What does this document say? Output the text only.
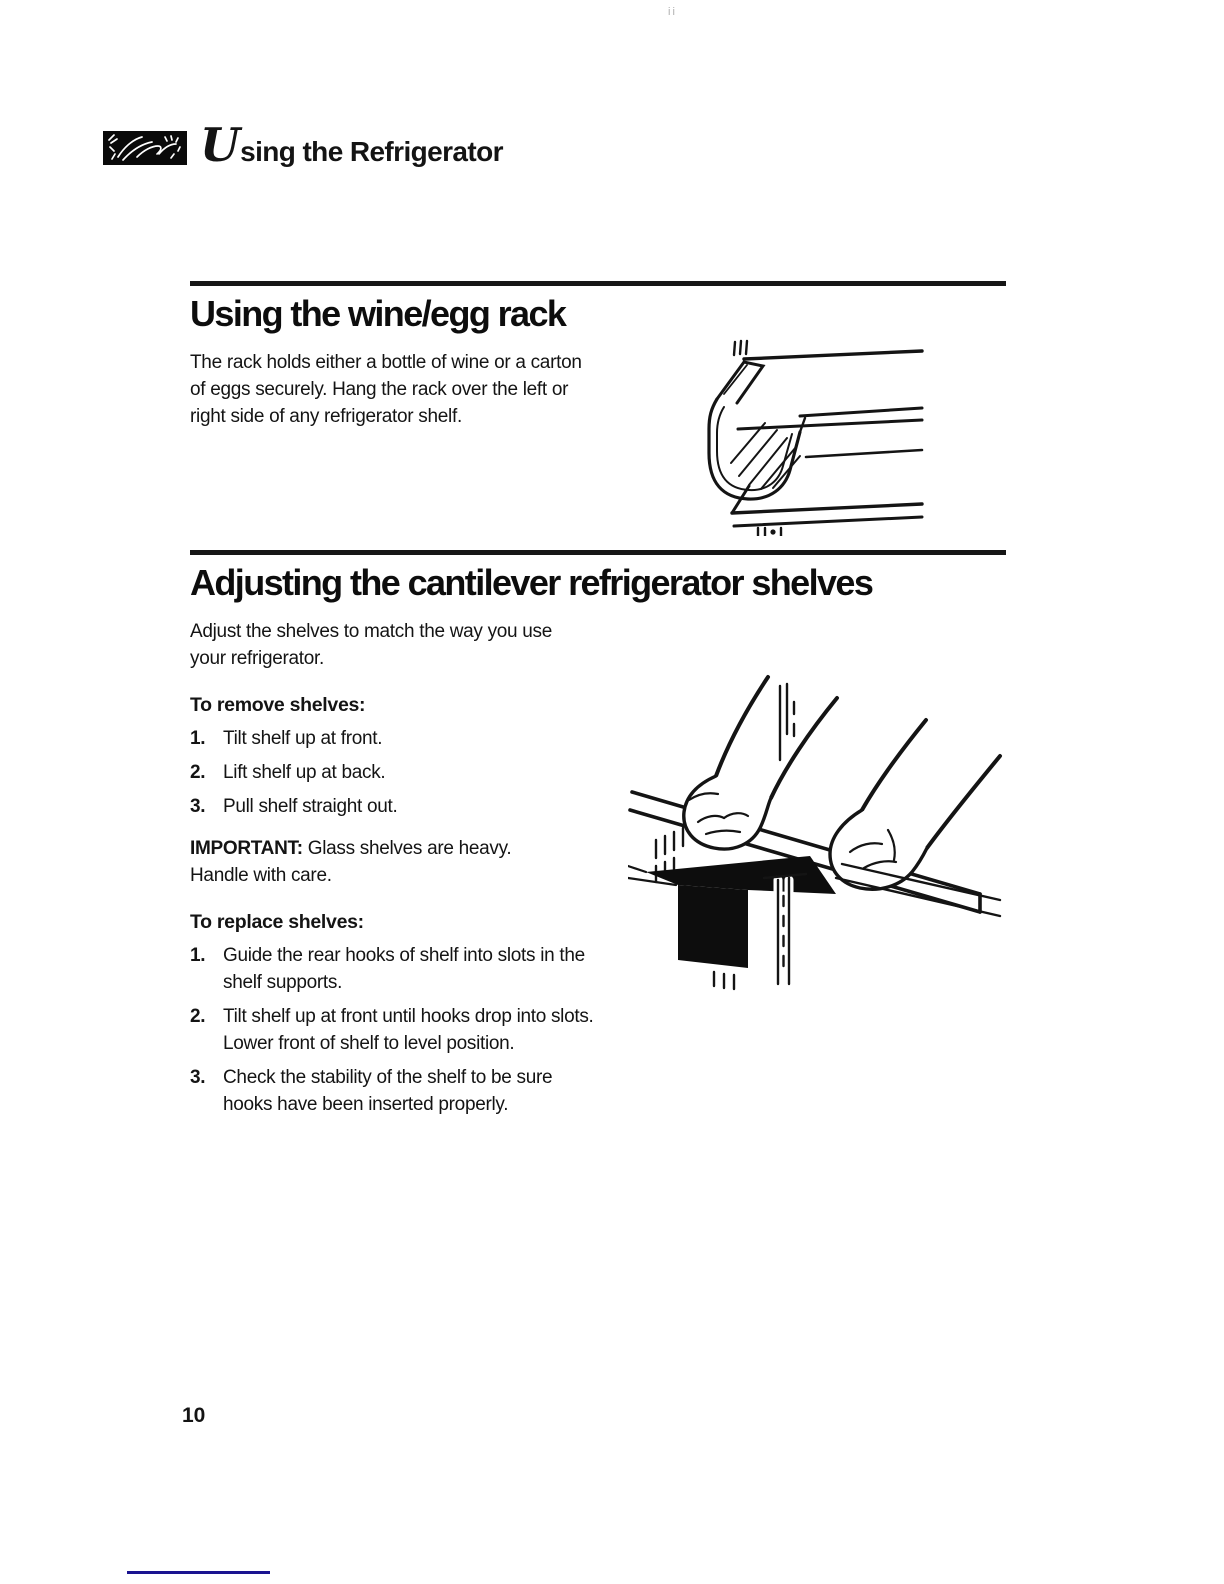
ii
U sing the Refrigerator
Using the wine/egg rack

The rack holds either a bottle of wine or a carton of eggs securely. Hang the rack over the left or right side of any refrigerator shelf.

Adjusting the cantilever refrigerator shelves

Adjust the shelves to match the way you use your refrigerator.

To remove shelves:
1. Tilt shelf up at front.
2. Lift shelf up at back.
3. Pull shelf straight out.

IMPORTANT: Glass shelves are heavy. Handle with care.

To replace shelves:
1. Guide the rear hooks of shelf into slots in the shelf supports.
2. Tilt shelf up at front until hooks drop into slots. Lower front of shelf to level position.
3. Check the stability of the shelf to be sure hooks have been inserted properly.
10
